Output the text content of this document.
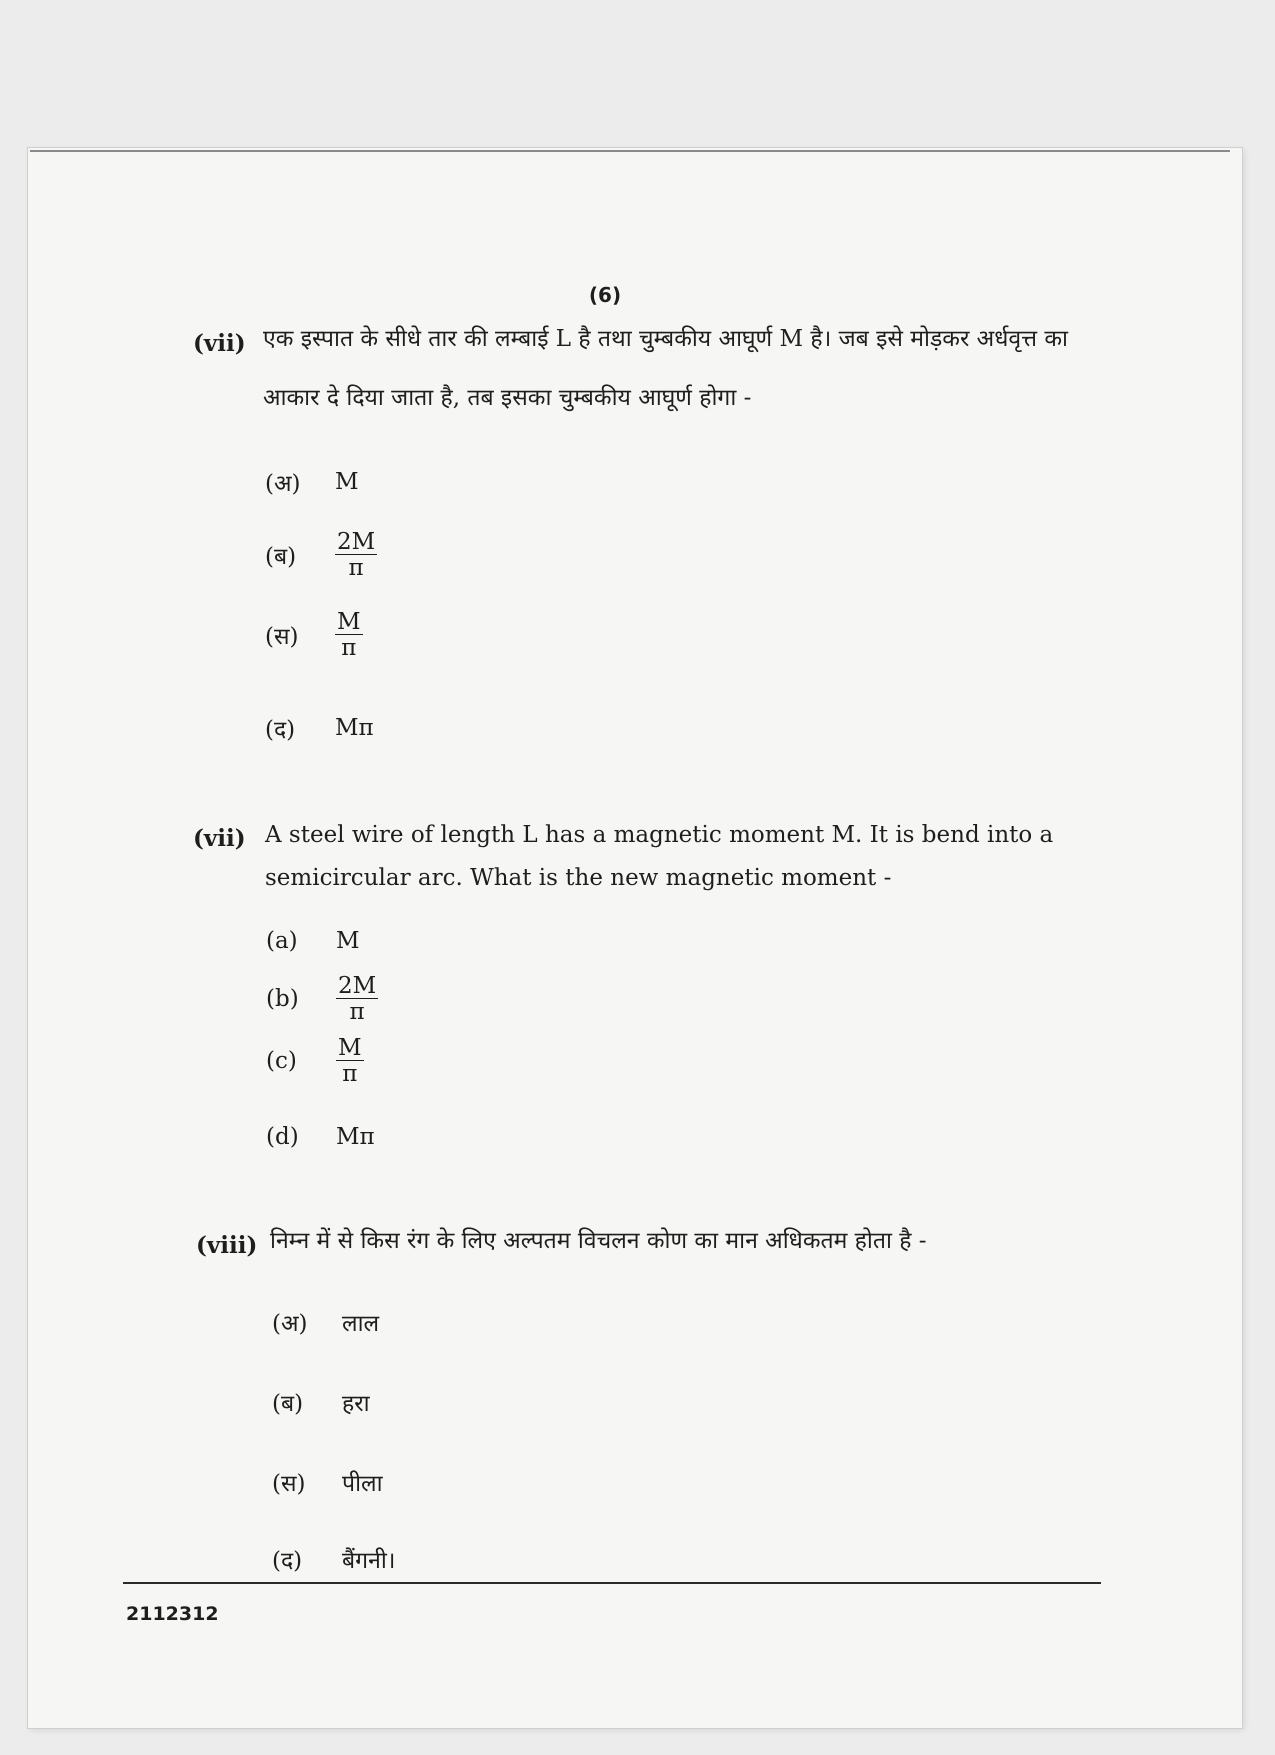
(6)
(vii) एक इस्पात के सीधे तार की लम्बाई L है तथा चुम्बकीय आघूर्ण M है। जब इसे मोड़कर अर्धवृत्त का
आकार दे दिया जाता है, तब इसका चुम्बकीय आघूर्ण होगा -
(अ)	M
(ब)	$\frac{2M}{\pi}$
(स)	$\frac{M}{\pi}$
(द)	Mπ
(vii) A steel wire of length L has a magnetic moment M. It is bend into a
semicircular arc. What is the new magnetic moment -
(a)	M
(b)	$\frac{2M}{\pi}$
(c)	$\frac{M}{\pi}$
(d)	Mπ
(viii) निम्न में से किस रंग के लिए अल्पतम विचलन कोण का मान अधिकतम होता है -
(अ)	लाल
(ब)	हरा
(स)	पीला
(द)	बैंगनी।
2112312
